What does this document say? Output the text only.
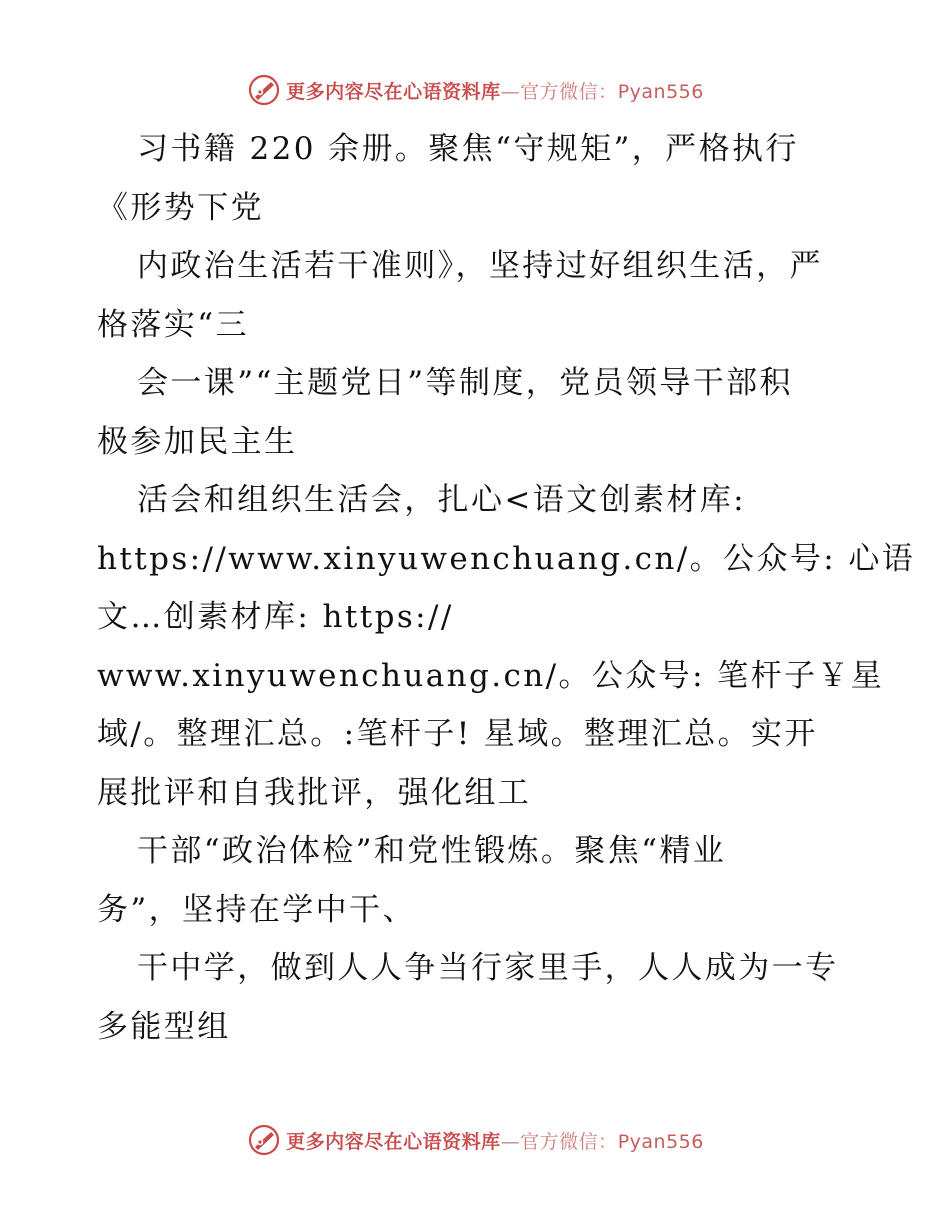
更多内容尽在心语资料库—官方微信：Pyan556
习书籍 220 余册。聚焦“守规矩”，严格执行
《形势下党
内政治生活若干准则》，坚持过好组织生活，严
格落实“三
会一课”“主题党日”等制度，党员领导干部积
极参加民主生
活会和组织生活会，扎心<语文创素材库:
https://www.xinyuwenchuang.cn/。公众号: 心语
文…创素材库: https://
www.xinyuwenchuang.cn/。公众号: 笔杆子￥星
域/。整理汇总。:笔杆子! 星域。整理汇总。实开
展批评和自我批评，强化组工
干部“政治体检”和党性锻炼。聚焦“精业
务”，坚持在学中干、
干中学，做到人人争当行家里手，人人成为一专
多能型组
更多内容尽在心语资料库—官方微信：Pyan556
